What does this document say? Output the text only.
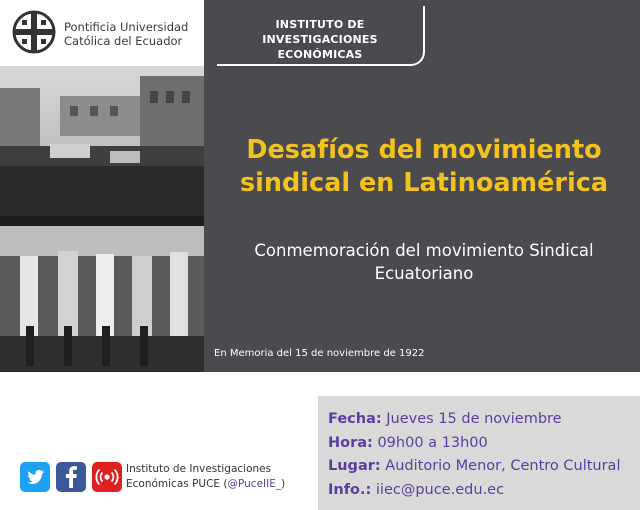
Pontificia Universidad
Católica del Ecuador
INSTITUTO DE INVESTIGACIONES
ECONÓMICAS
Desafíos del movimiento
sindical en Latinoamérica
Conmemoración del movimiento Sindical
Ecuatoriano
En Memoria del 15 de noviembre de 1922
Fecha: Jueves 15 de noviembre
Hora: 09h00 a 13h00
Lugar: Auditorio Menor, Centro Cultural
Info.: iiec@puce.edu.ec
Instituto de Investigaciones
Económicas PUCE (@PuceIIE_)
